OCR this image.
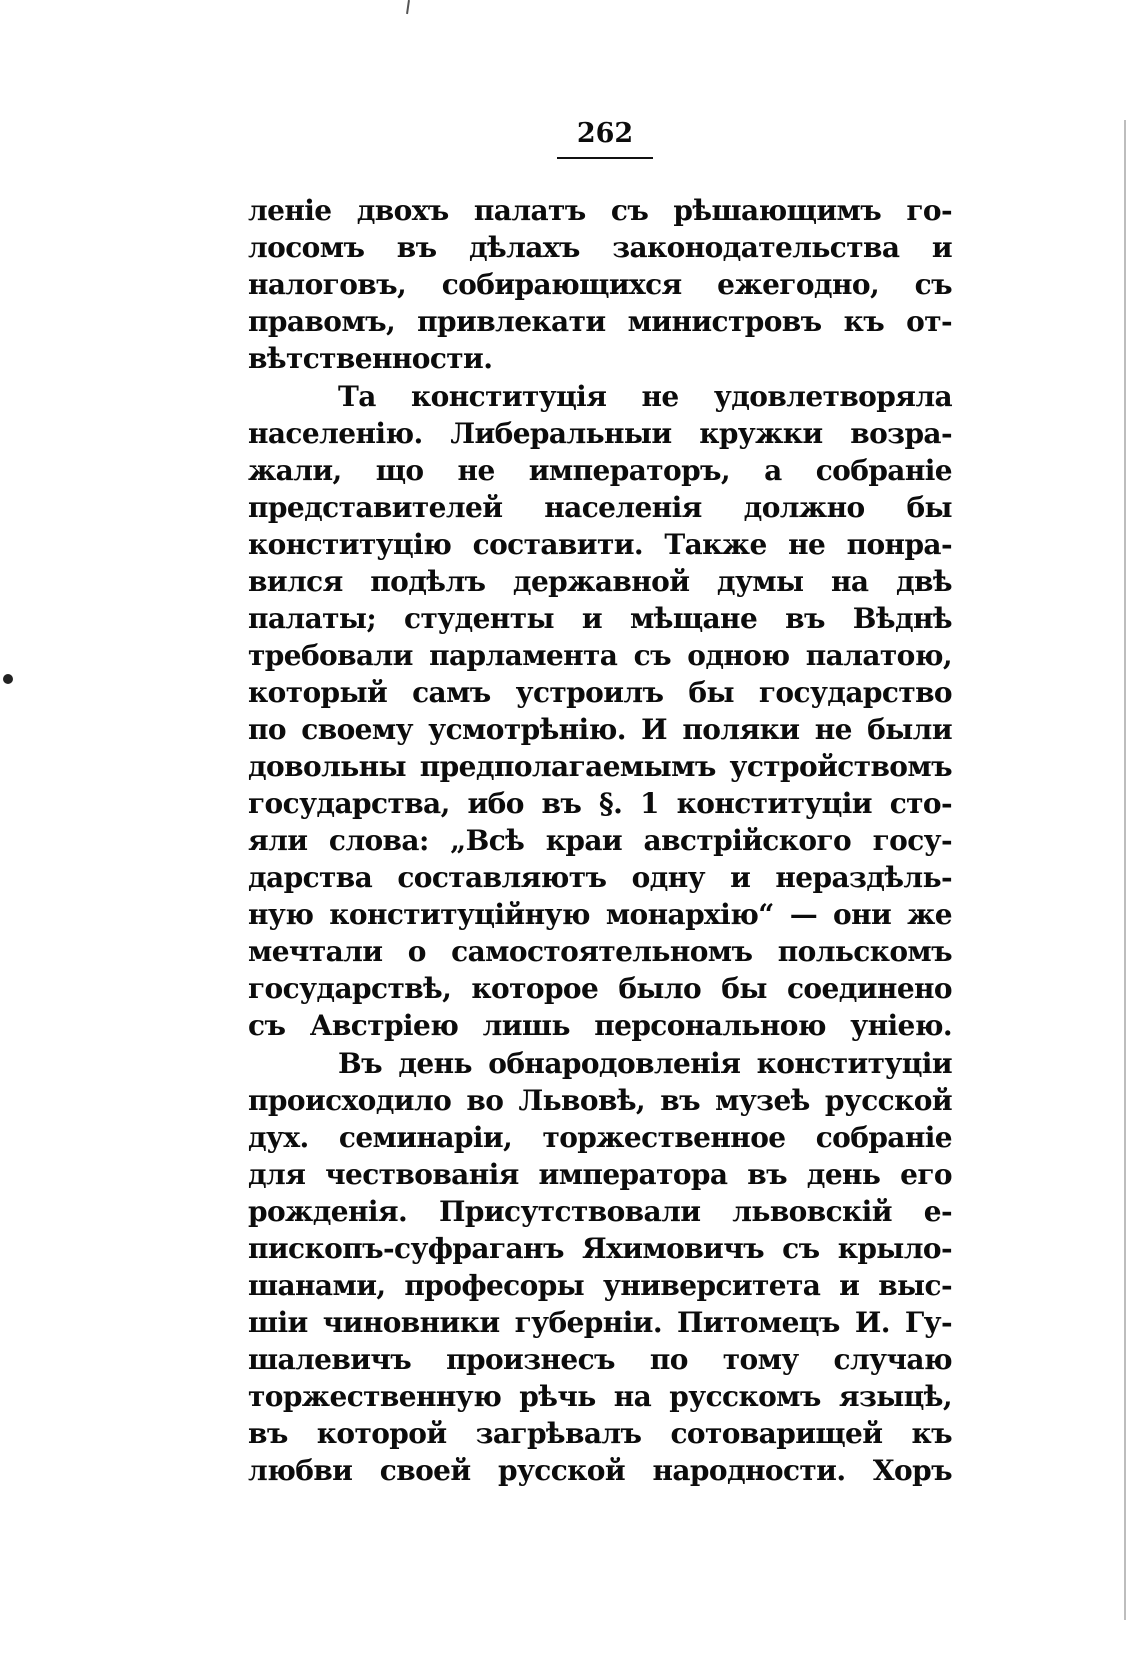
262
леніе двохъ палатъ съ рѣшающимъ го-
лосомъ въ дѣлахъ законодательства и
налоговъ, собирающихся ежегодно, съ
правомъ, привлекати министровъ къ от-
вѣтственности.
Та конституція не удовлетворяла
населенію. Либеральныи кружки возра-
жали, що не императоръ, а собраніе
представителей населенія должно бы
конституцію составити. Также не понра-
вился подѣлъ державной думы на двѣ
палаты; студенты и мѣщане въ Вѣднѣ
требовали парламента съ одною палатою,
который самъ устроилъ бы государство
по своему усмотрѣнію. И поляки не были
довольны предполагаемымъ устройствомъ
государства, ибо въ §. 1 конституціи сто-
яли слова: „Всѣ краи австрійского госу-
дарства составляютъ одну и нераздѣль-
ную конституційную монархію“ — они же
мечтали о самостоятельномъ польскомъ
государствѣ, которое было бы соединено
съ Австріею лишь персональною уніею.
Въ день обнародовленія конституціи
происходило во Львовѣ, въ музеѣ русской
дух. семинаріи, торжественное собраніе
для чествованія императора въ день его
рожденія. Присутствовали львовскій е-
пископъ-суфраганъ Яхимовичъ съ крыло-
шанами, професоры университета и выс-
шіи чиновники губерніи. Питомецъ И. Гу-
шалевичъ произнесъ по тому случаю
торжественную рѣчь на русскомъ языцѣ,
въ которой загрѣвалъ сотоварищей къ
любви своей русской народности. Хоръ
